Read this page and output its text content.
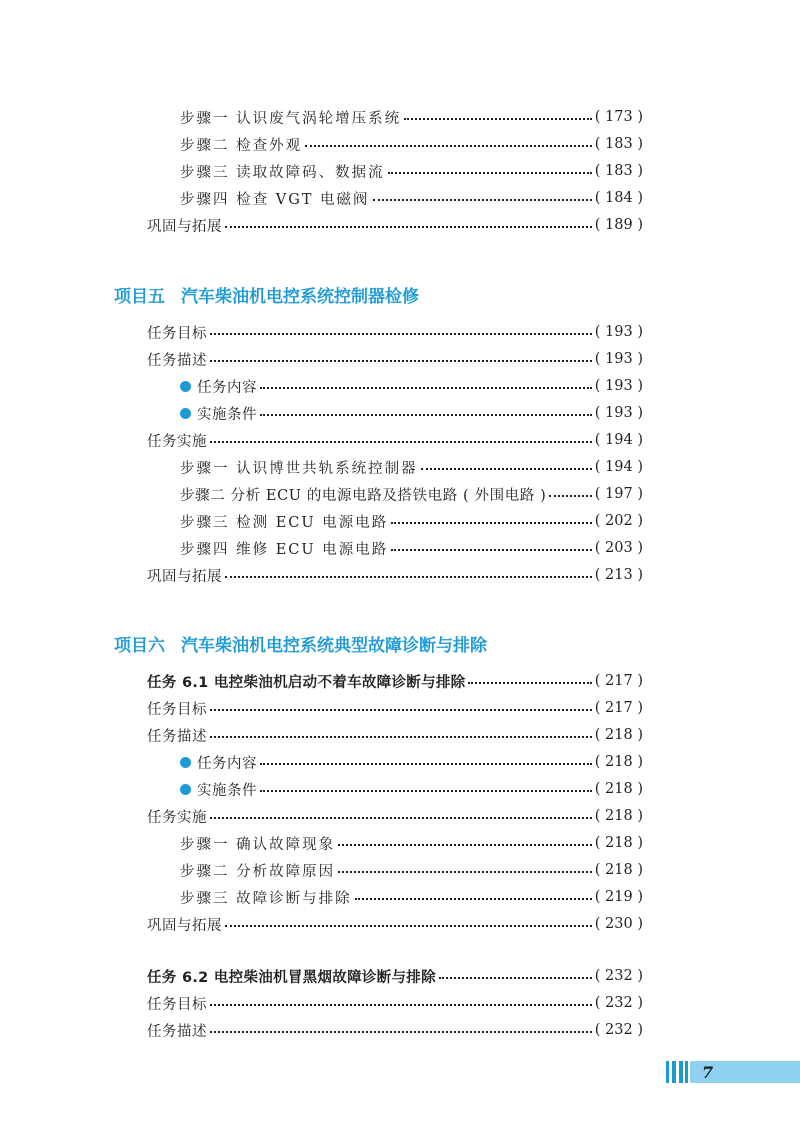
步骤一 认识废气涡轮增压系统	( 173 )
步骤二 检查外观	( 183 )
步骤三 读取故障码、数据流	( 183 )
步骤四 检查 VGT 电磁阀	( 184 )
巩固与拓展	( 189 )
项目五 汽车柴油机电控系统控制器检修
任务目标	( 193 )
任务描述	( 193 )
任务内容	( 193 )
实施条件	( 193 )
任务实施	( 194 )
步骤一 认识博世共轨系统控制器	( 194 )
步骤二 分析 ECU 的电源电路及搭铁电路 ( 外围电路 )	( 197 )
步骤三 检测 ECU 电源电路	( 202 )
步骤四 维修 ECU 电源电路	( 203 )
巩固与拓展	( 213 )
项目六 汽车柴油机电控系统典型故障诊断与排除
任务 6.1 电控柴油机启动不着车故障诊断与排除	( 217 )
任务目标	( 217 )
任务描述	( 218 )
任务内容	( 218 )
实施条件	( 218 )
任务实施	( 218 )
步骤一 确认故障现象	( 218 )
步骤二 分析故障原因	( 218 )
步骤三 故障诊断与排除	( 219 )
巩固与拓展	( 230 )
任务 6.2 电控柴油机冒黑烟故障诊断与排除	( 232 )
任务目标	( 232 )
任务描述	( 232 )
7
